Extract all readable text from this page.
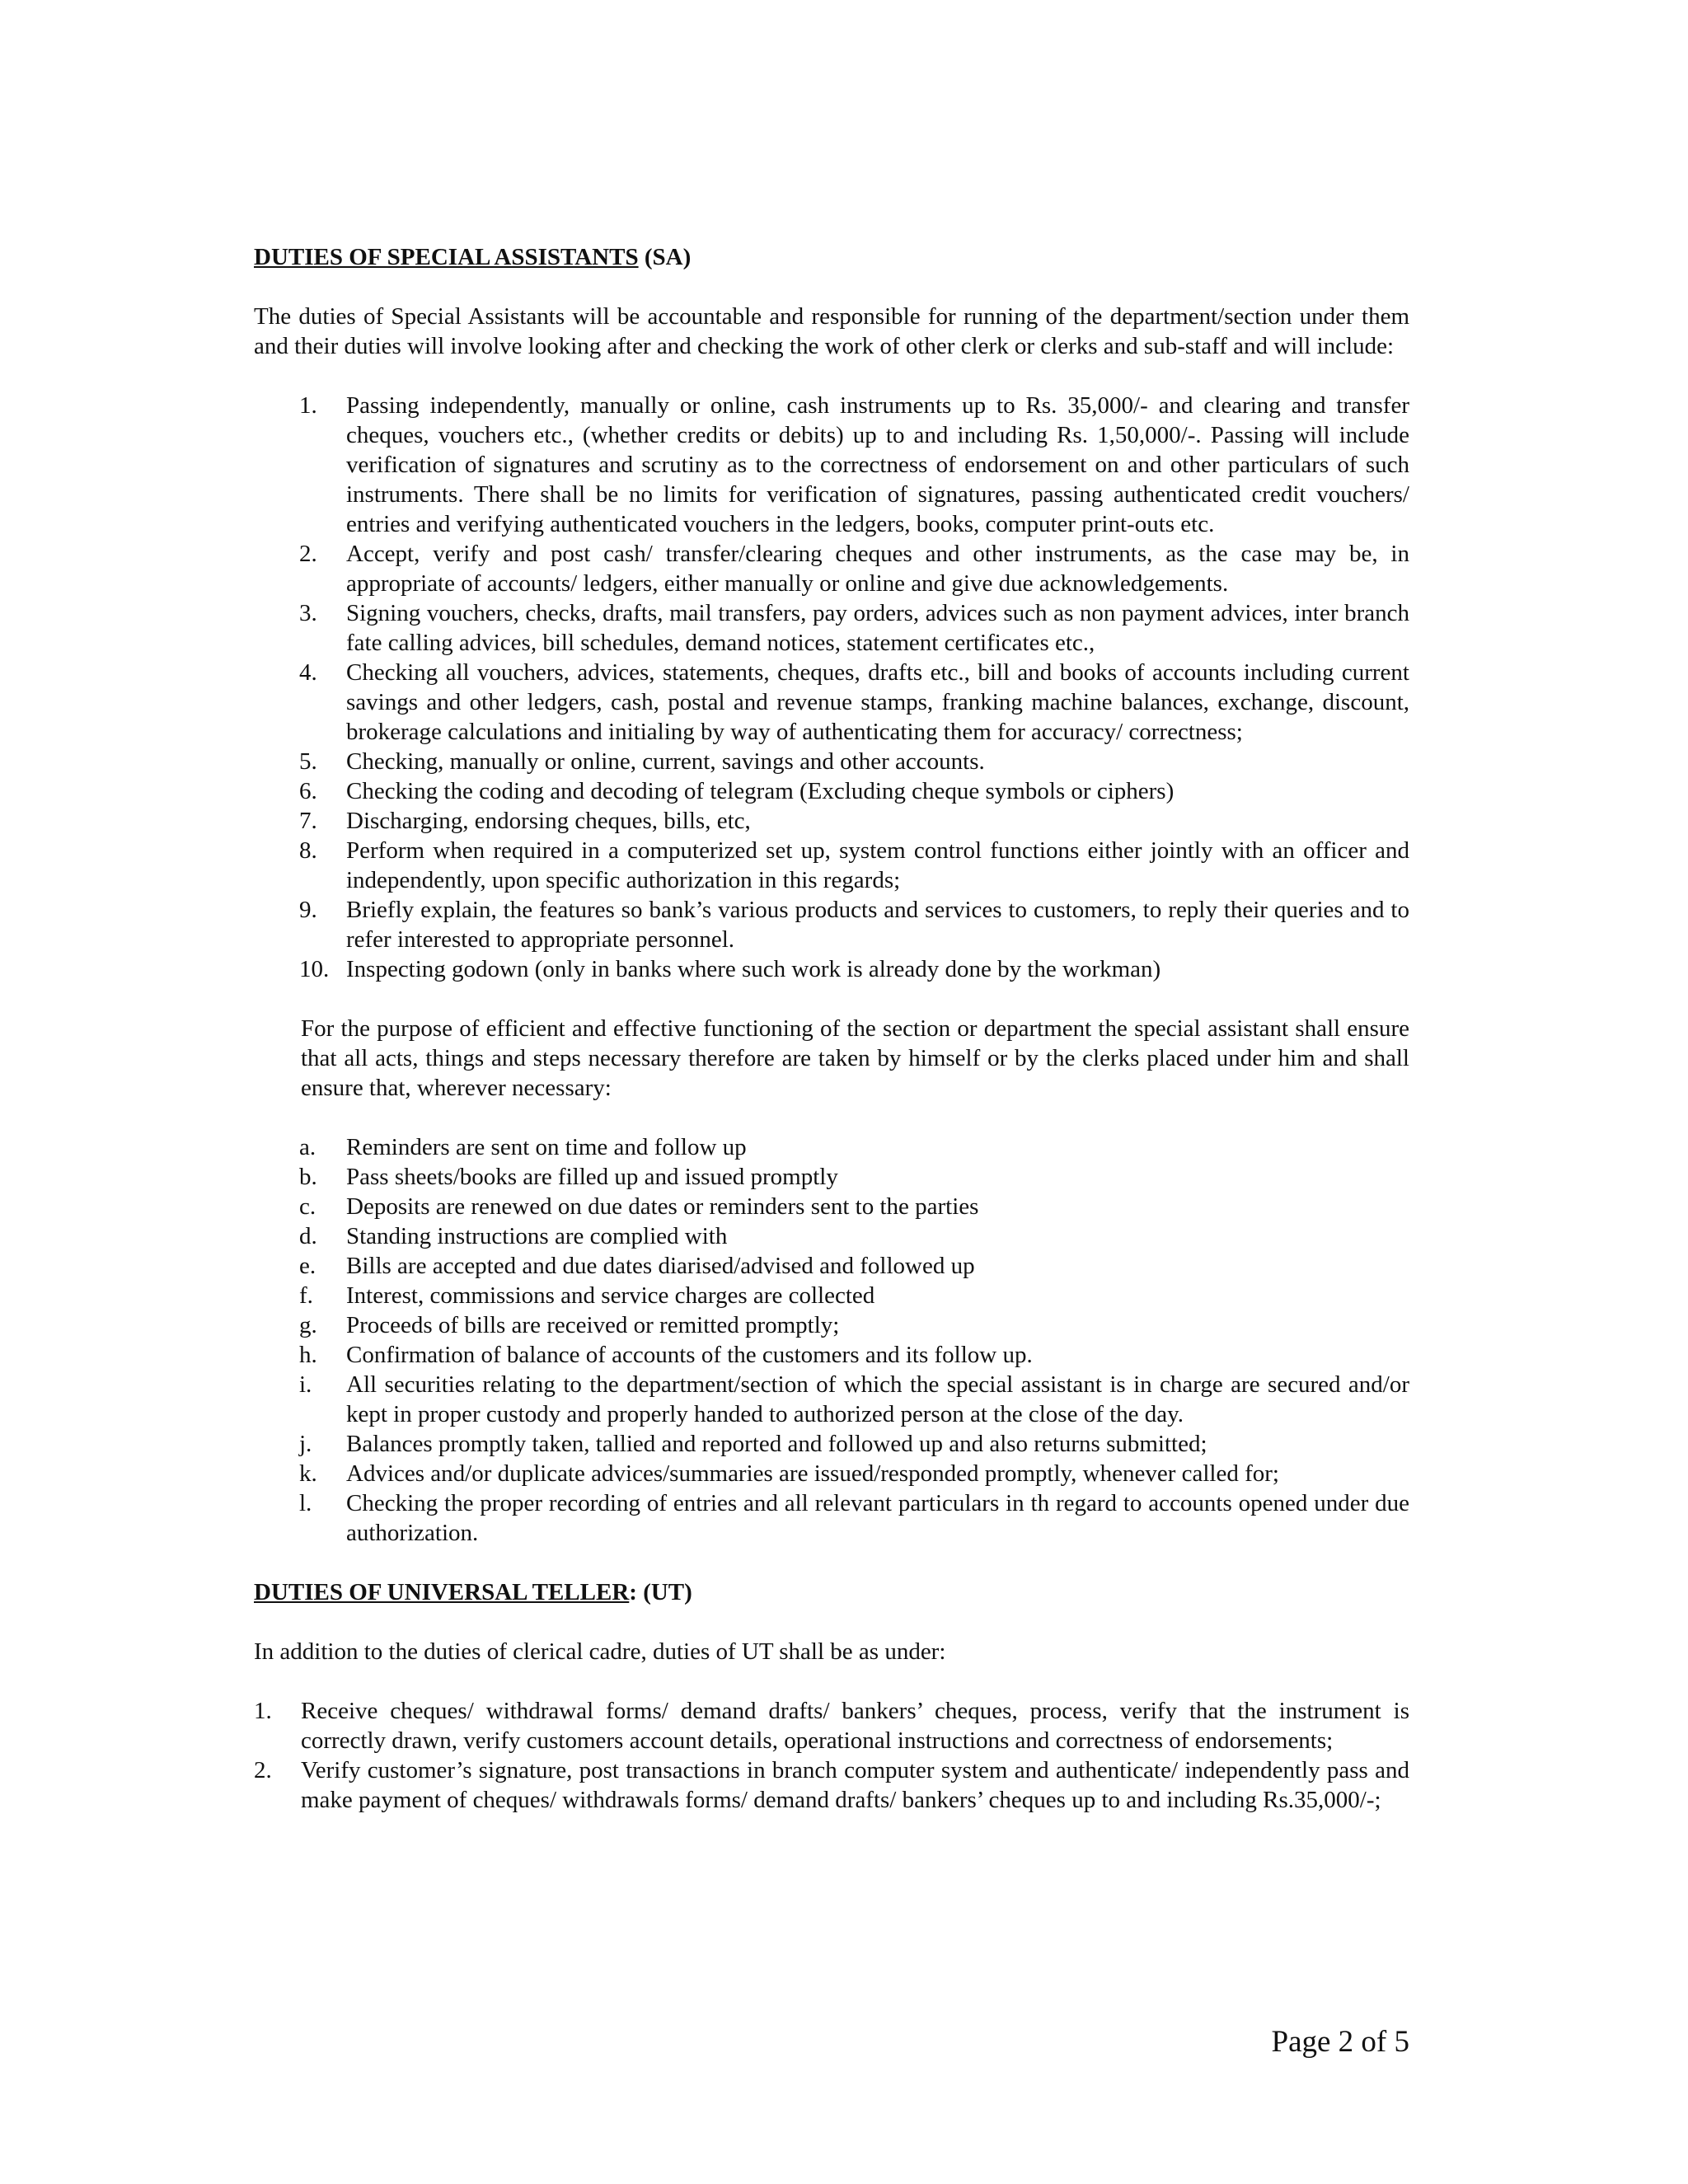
DUTIES OF SPECIAL ASSISTANTS (SA)

The duties of Special Assistants will be accountable and responsible for running of the department/section under them and their duties will involve looking after and checking the work of other clerk or clerks and sub-staff and will include:

1. Passing independently, manually or online, cash instruments up to Rs. 35,000/- and clearing and transfer cheques, vouchers etc., (whether credits or debits) up to and including Rs. 1,50,000/-. Passing will include verification of signatures and scrutiny as to the correctness of endorsement on and other particulars of such instruments. There shall be no limits for verification of signatures, passing authenticated credit vouchers/ entries and verifying authenticated vouchers in the ledgers, books, computer print-outs etc.
2. Accept, verify and post cash/ transfer/clearing cheques and other instruments, as the case may be, in appropriate of accounts/ ledgers, either manually or online and give due acknowledgements.
3. Signing vouchers, checks, drafts, mail transfers, pay orders, advices such as non payment advices, inter branch fate calling advices, bill schedules, demand notices, statement certificates etc.,
4. Checking all vouchers, advices, statements, cheques, drafts etc., bill and books of accounts including current savings and other ledgers, cash, postal and revenue stamps, franking machine balances, exchange, discount, brokerage calculations and initialing by way of authenticating them for accuracy/ correctness;
5. Checking, manually or online, current, savings and other accounts.
6. Checking the coding and decoding of telegram (Excluding cheque symbols or ciphers)
7. Discharging, endorsing cheques, bills, etc,
8. Perform when required in a computerized set up, system control functions either jointly with an officer and independently, upon specific authorization in this regards;
9. Briefly explain, the features so bank’s various products and services to customers, to reply their queries and to refer interested to appropriate personnel.
10. Inspecting godown (only in banks where such work is already done by the workman)

For the purpose of efficient and effective functioning of the section or department the special assistant shall ensure that all acts, things and steps necessary therefore are taken by himself or by the clerks placed under him and shall ensure that, wherever necessary:

a. Reminders are sent on time and follow up
b. Pass sheets/books are filled up and issued promptly
c. Deposits are renewed on due dates or reminders sent to the parties
d. Standing instructions are complied with
e. Bills are accepted and due dates diarised/advised and followed up
f. Interest, commissions and service charges are collected
g. Proceeds of bills are received or remitted promptly;
h. Confirmation of balance of accounts of the customers and its follow up.
i. All securities relating to the department/section of which the special assistant is in charge are secured and/or kept in proper custody and properly handed to authorized person at the close of the day.
j. Balances promptly taken, tallied and reported and followed up and also returns submitted;
k. Advices and/or duplicate advices/summaries are issued/responded promptly, whenever called for;
l. Checking the proper recording of entries and all relevant particulars in th regard to accounts opened under due authorization.
DUTIES OF UNIVERSAL TELLER: (UT)

In addition to the duties of clerical cadre, duties of UT shall be as under:

1. Receive cheques/ withdrawal forms/ demand drafts/ bankers’ cheques, process, verify that the instrument is correctly drawn, verify customers account details, operational instructions and correctness of endorsements;
2. Verify customer’s signature, post transactions in branch computer system and authenticate/ independently pass and make payment of cheques/ withdrawals forms/ demand drafts/ bankers’ cheques up to and including Rs.35,000/-;
Page 2 of 5
